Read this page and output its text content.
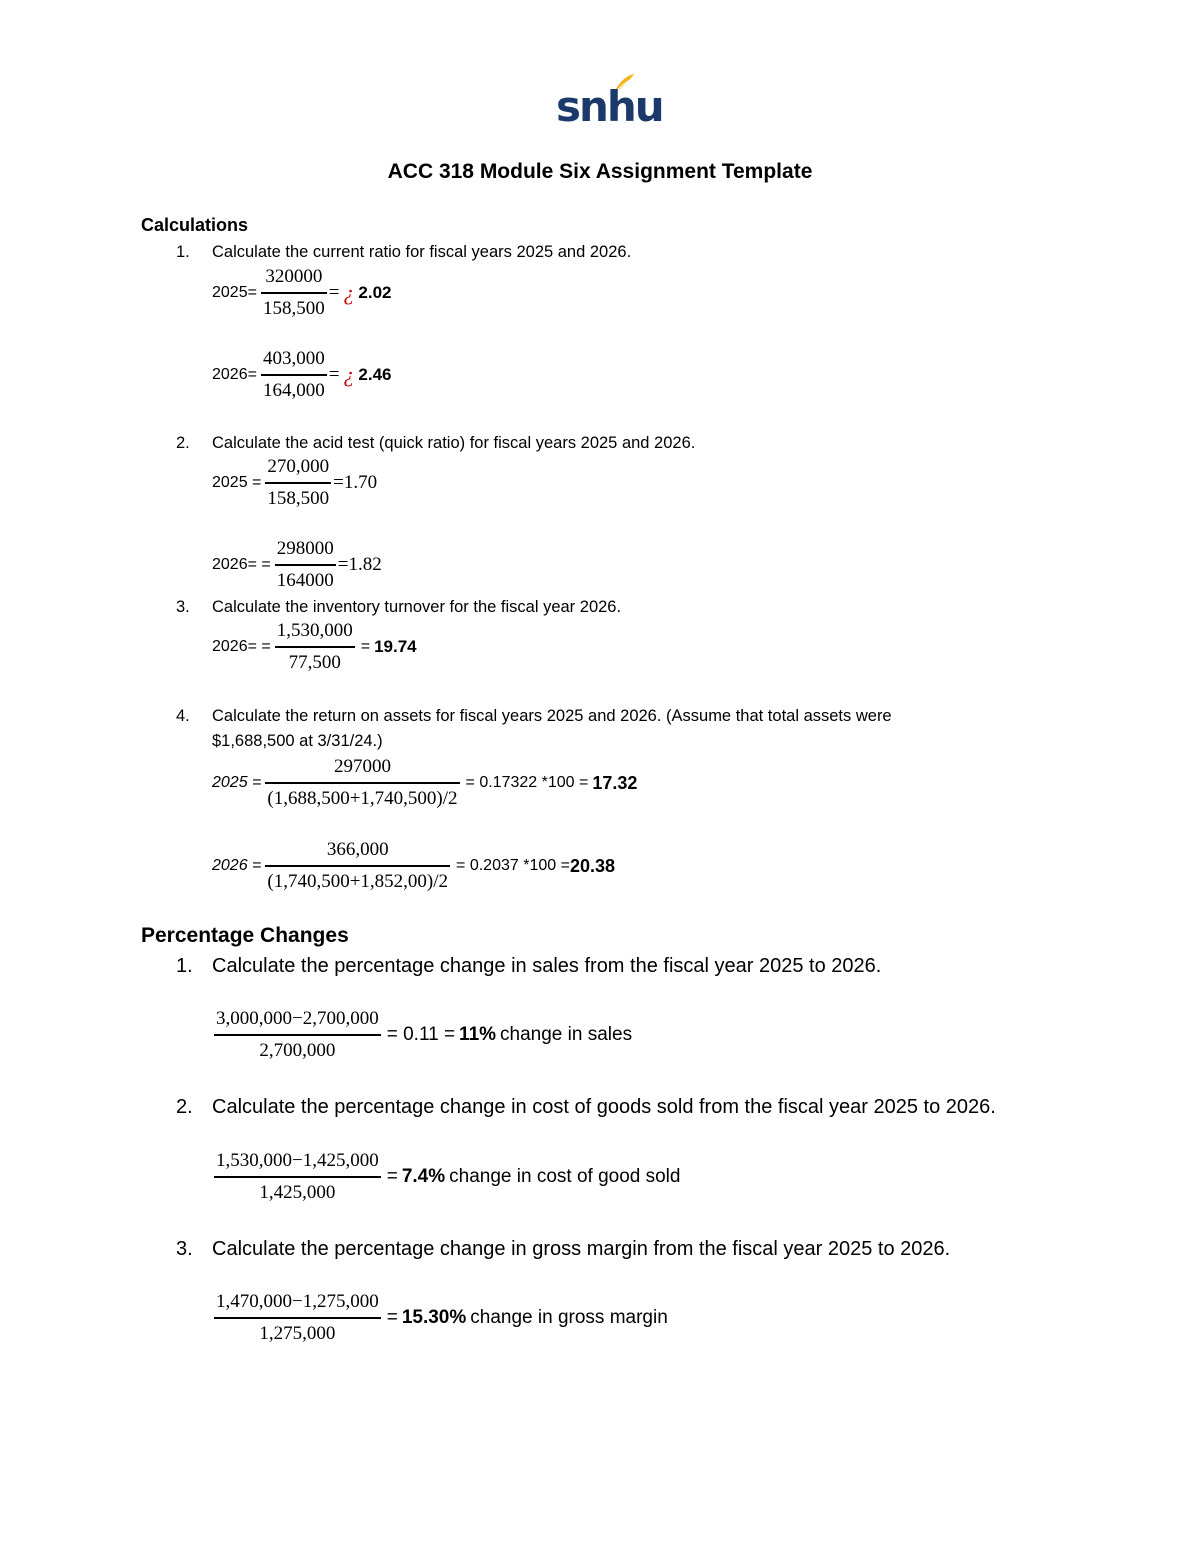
snhu
ACC 318 Module Six Assignment Template
Calculations
1. Calculate the current ratio for fiscal years 2025 and 2026.
$2025= \frac{320000}{158,500}$ = ¿ 2.02
$2026= \frac{403,000}{164,000}$ = ¿ 2.46
2. Calculate the acid test (quick ratio) for fiscal years 2025 and 2026.
$2025 = \frac{270,000}{158,500} =1.70$
$2026= = \frac{298000}{164000} =1.82$
3. Calculate the inventory turnover for the fiscal year 2026.
$2026= = \frac{1,530,000}{77,500} = 19.74$
4. Calculate the return on assets for fiscal years 2025 and 2026. (Assume that total assets were
$1,688,500 at 3/31/24.)
$2025 = \frac{297000}{(1,688,500+1,740,500)/2} = 0.17322$ *100 = 17.32
$2026 = \frac{366,000}{(1,740,500+1,852,00)/2} = 0.2037$ *100 = 20.38
Percentage Changes
1. Calculate the percentage change in sales from the fiscal year 2025 to 2026.
$\frac{3,000,000-2,700,000}{2,700,000} = 0.11 = 11\%$ change in sales
2. Calculate the percentage change in cost of goods sold from the fiscal year 2025 to 2026.
$\frac{1,530,000-1,425,000}{1,425,000} = 7.4\%$ change in cost of good sold
3. Calculate the percentage change in gross margin from the fiscal year 2025 to 2026.
$\frac{1,470,000-1,275,000}{1,275,000} = 15.30\%$ change in gross margin
